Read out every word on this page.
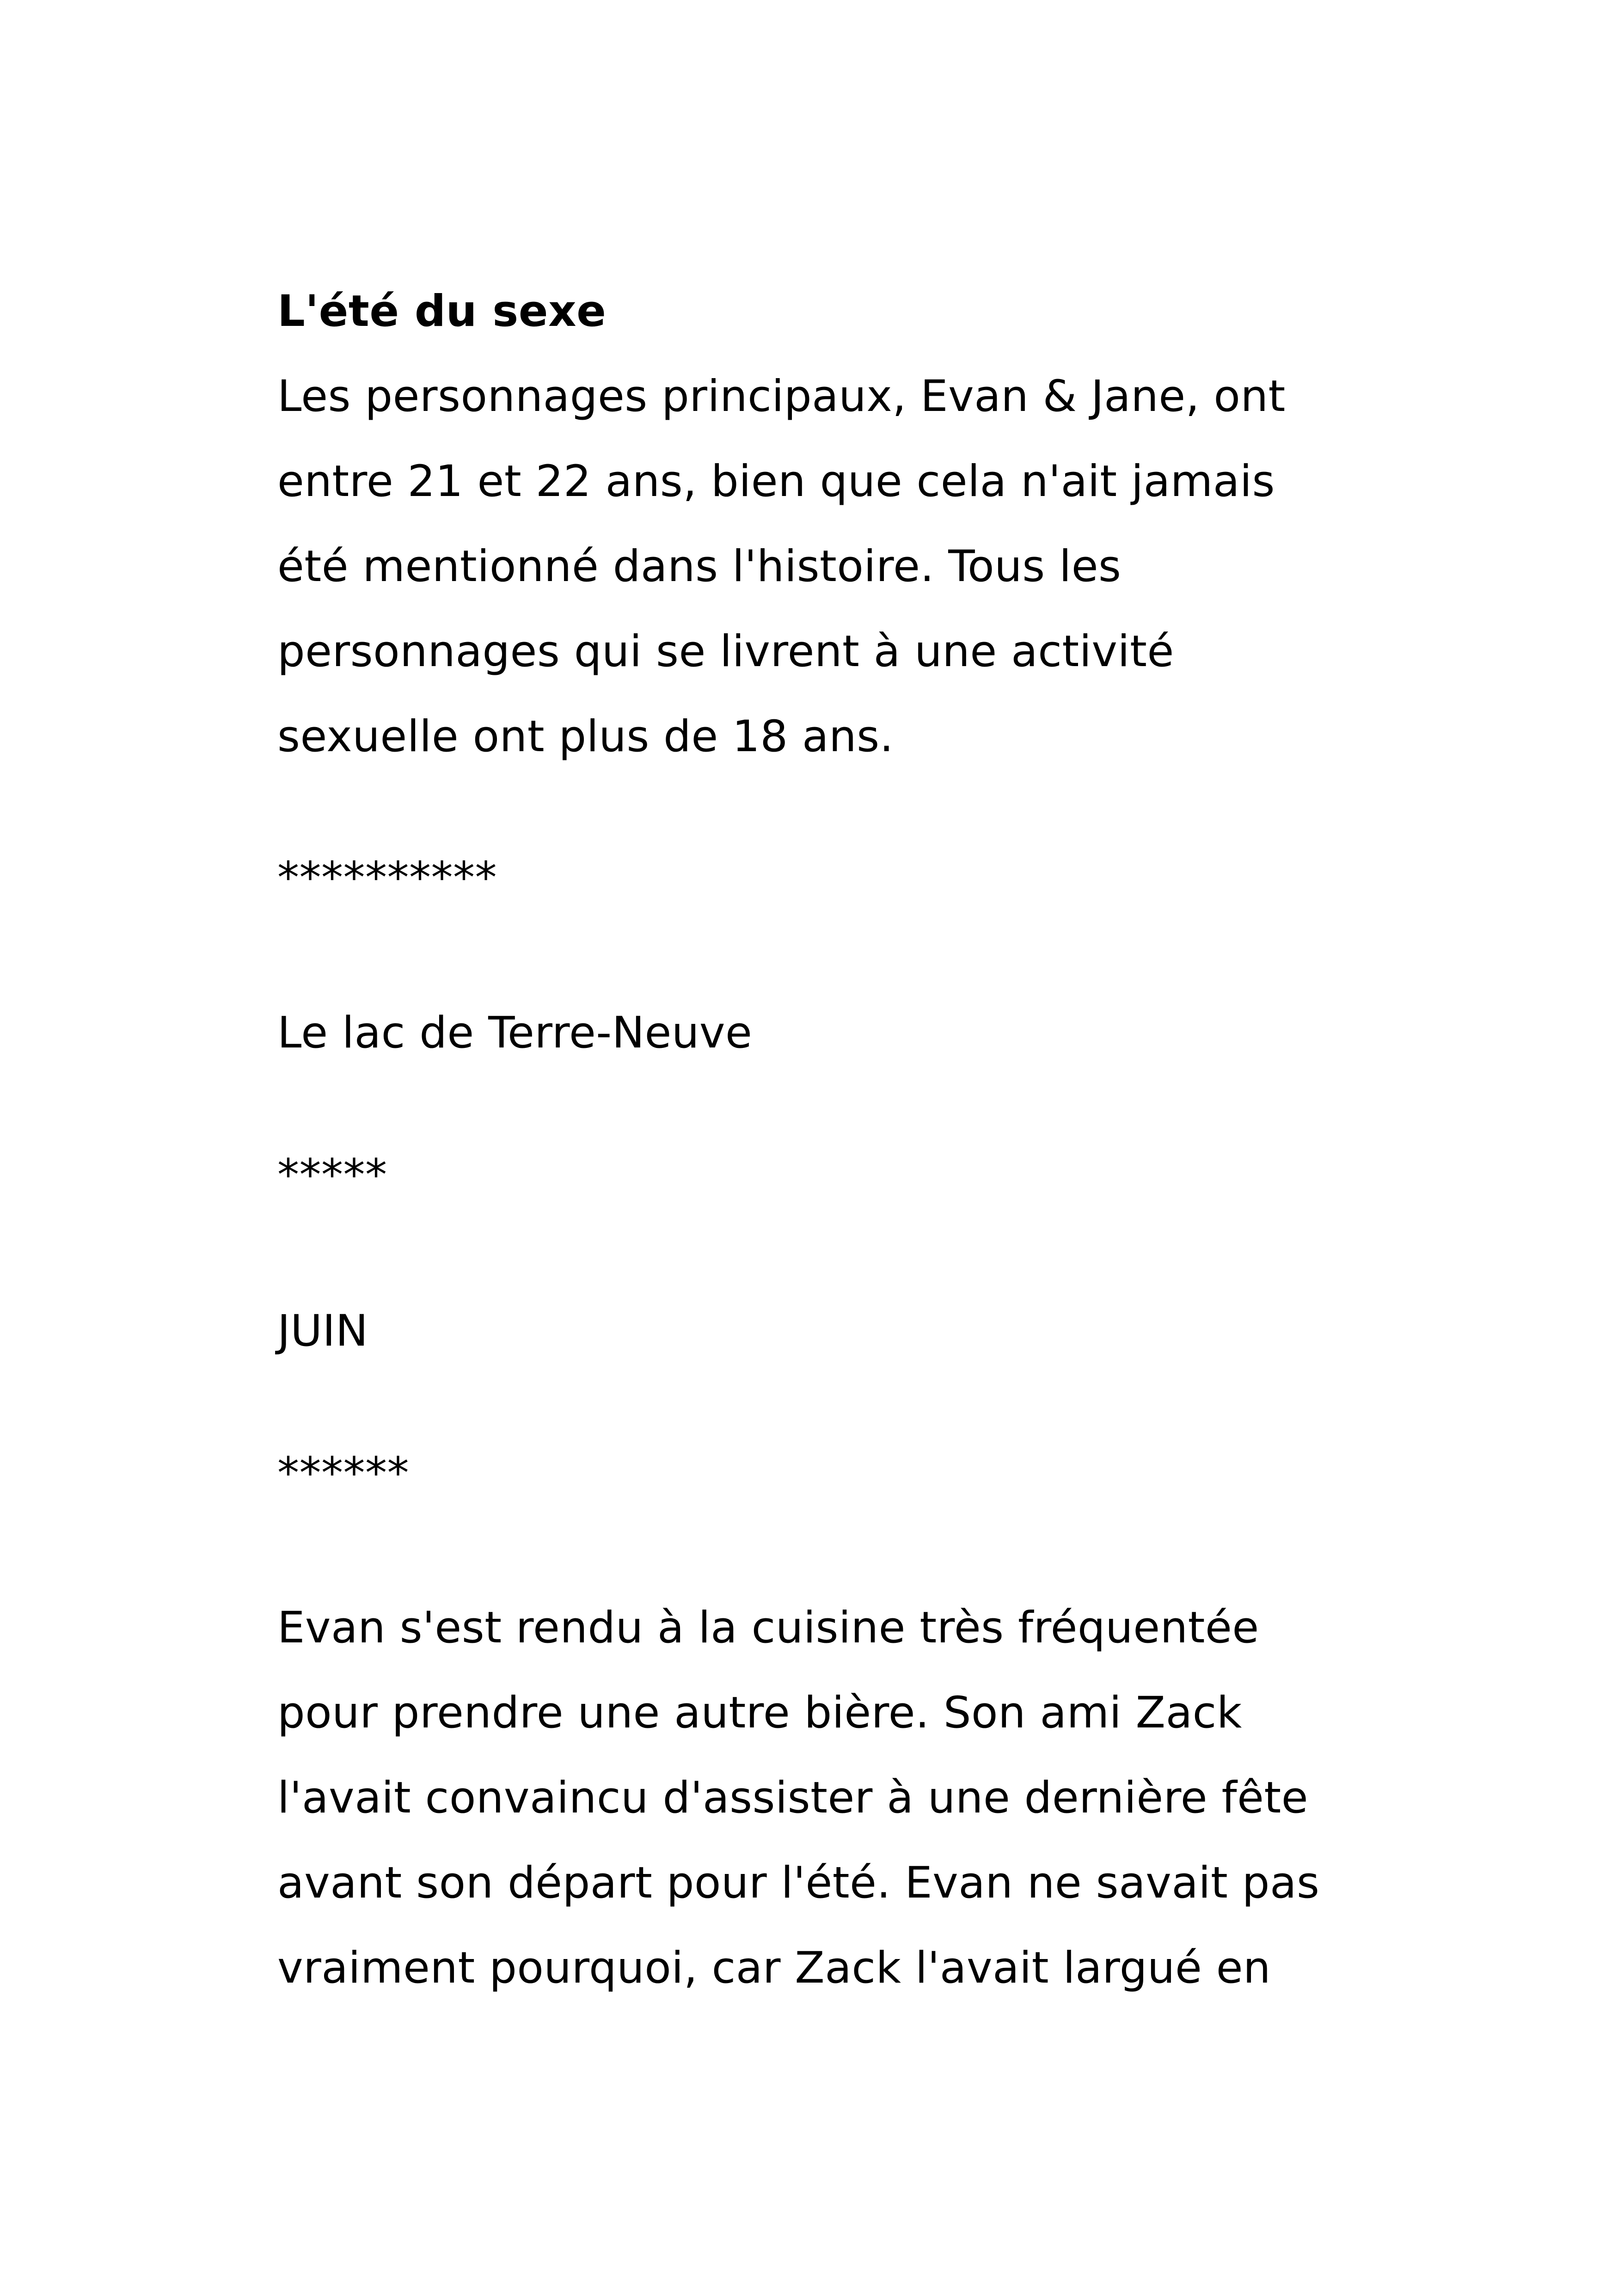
L'été du sexe
Les personnages principaux, Evan & Jane, ont
entre 21 et 22 ans, bien que cela n'ait jamais
été mentionné dans l'histoire. Tous les
personnages qui se livrent à une activité
sexuelle ont plus de 18 ans.
**********
Le lac de Terre-Neuve
*****
JUIN
******
Evan s'est rendu à la cuisine très fréquentée
pour prendre une autre bière. Son ami Zack
l'avait convaincu d'assister à une dernière fête
avant son départ pour l'été. Evan ne savait pas
vraiment pourquoi, car Zack l'avait largué en
